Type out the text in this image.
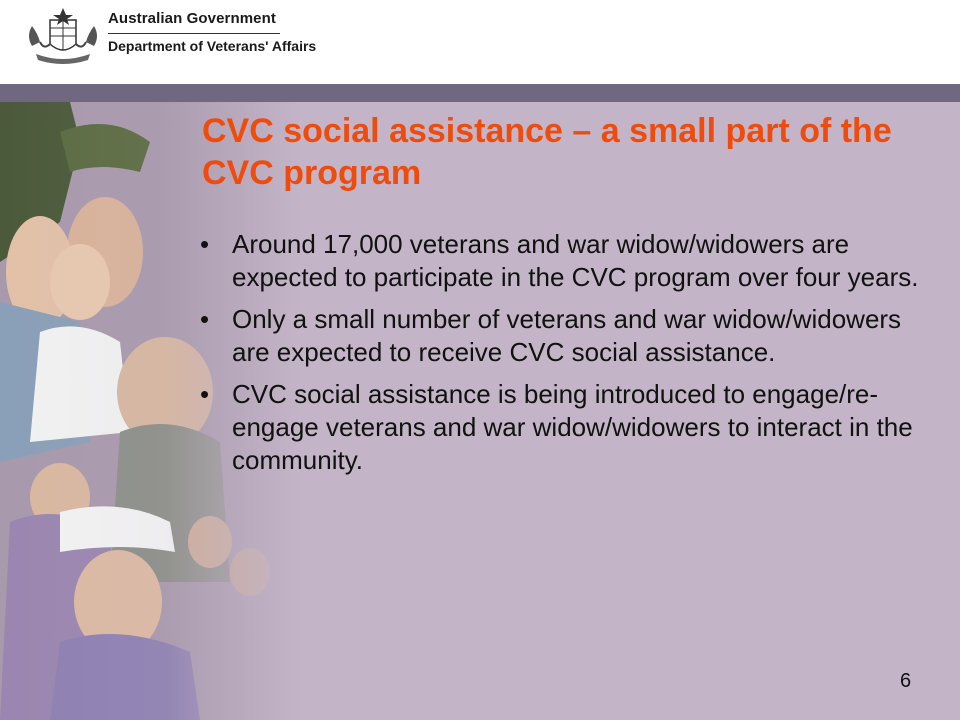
Australian Government
Department of Veterans' Affairs
CVC social assistance – a small part of the CVC program
• Around 17,000 veterans and war widow/widowers are expected to participate in the CVC program over four years.
• Only a small number of veterans and war widow/widowers are expected to receive CVC social assistance.
• CVC social assistance is being introduced to engage/re-engage veterans and war widow/widowers to interact in the community.
6
